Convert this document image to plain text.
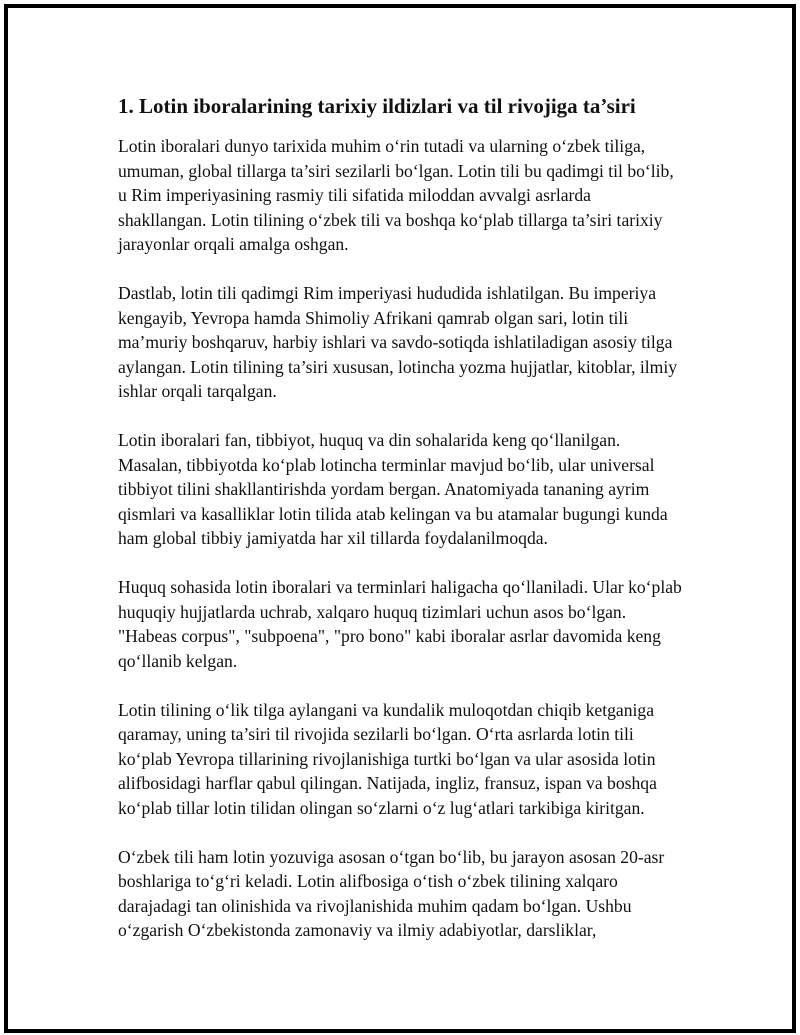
1. Lotin iboralarining tarixiy ildizlari va til rivojiga ta’siri

Lotin iboralari dunyo tarixida muhim o‘rin tutadi va ularning o‘zbek tiliga, umuman, global tillarga ta’siri sezilarli bo‘lgan. Lotin tili bu qadimgi til bo‘lib, u Rim imperiyasining rasmiy tili sifatida miloddan avvalgi asrlarda shakllangan. Lotin tilining o‘zbek tili va boshqa ko‘plab tillarga ta’siri tarixiy jarayonlar orqali amalga oshgan.

Dastlab, lotin tili qadimgi Rim imperiyasi hududida ishlatilgan. Bu imperiya kengayib, Yevropa hamda Shimoliy Afrikani qamrab olgan sari, lotin tili ma’muriy boshqaruv, harbiy ishlari va savdo-sotiqda ishlatiladigan asosiy tilga aylangan. Lotin tilining ta’siri xususan, lotincha yozma hujjatlar, kitoblar, ilmiy ishlar orqali tarqalgan.

Lotin iboralari fan, tibbiyot, huquq va din sohalarida keng qo‘llanilgan. Masalan, tibbiyotda ko‘plab lotincha terminlar mavjud bo‘lib, ular universal tibbiyot tilini shakllantirishda yordam bergan. Anatomiyada tananing ayrim qismlari va kasalliklar lotin tilida atab kelingan va bu atamalar bugungi kunda ham global tibbiy jamiyatda har xil tillarda foydalanilmoqda.

Huquq sohasida lotin iboralari va terminlari haligacha qo‘llaniladi. Ular ko‘plab huquqiy hujjatlarda uchrab, xalqaro huquq tizimlari uchun asos bo‘lgan. "Habeas corpus", "subpoena", "pro bono" kabi iboralar asrlar davomida keng qo‘llanib kelgan.

Lotin tilining o‘lik tilga aylangani va kundalik muloqotdan chiqib ketganiga qaramay, uning ta’siri til rivojida sezilarli bo‘lgan. O‘rta asrlarda lotin tili ko‘plab Yevropa tillarining rivojlanishiga turtki bo‘lgan va ular asosida lotin alifbosidagi harflar qabul qilingan. Natijada, ingliz, fransuz, ispan va boshqa ko‘plab tillar lotin tilidan olingan so‘zlarni o‘z lug‘atlari tarkibiga kiritgan.

O‘zbek tili ham lotin yozuviga asosan o‘tgan bo‘lib, bu jarayon asosan 20-asr boshlariga to‘g‘ri keladi. Lotin alifbosiga o‘tish o‘zbek tilining xalqaro darajadagi tan olinishida va rivojlanishida muhim qadam bo‘lgan. Ushbu o‘zgarish O‘zbekistonda zamonaviy va ilmiy adabiyotlar, darsliklar,
